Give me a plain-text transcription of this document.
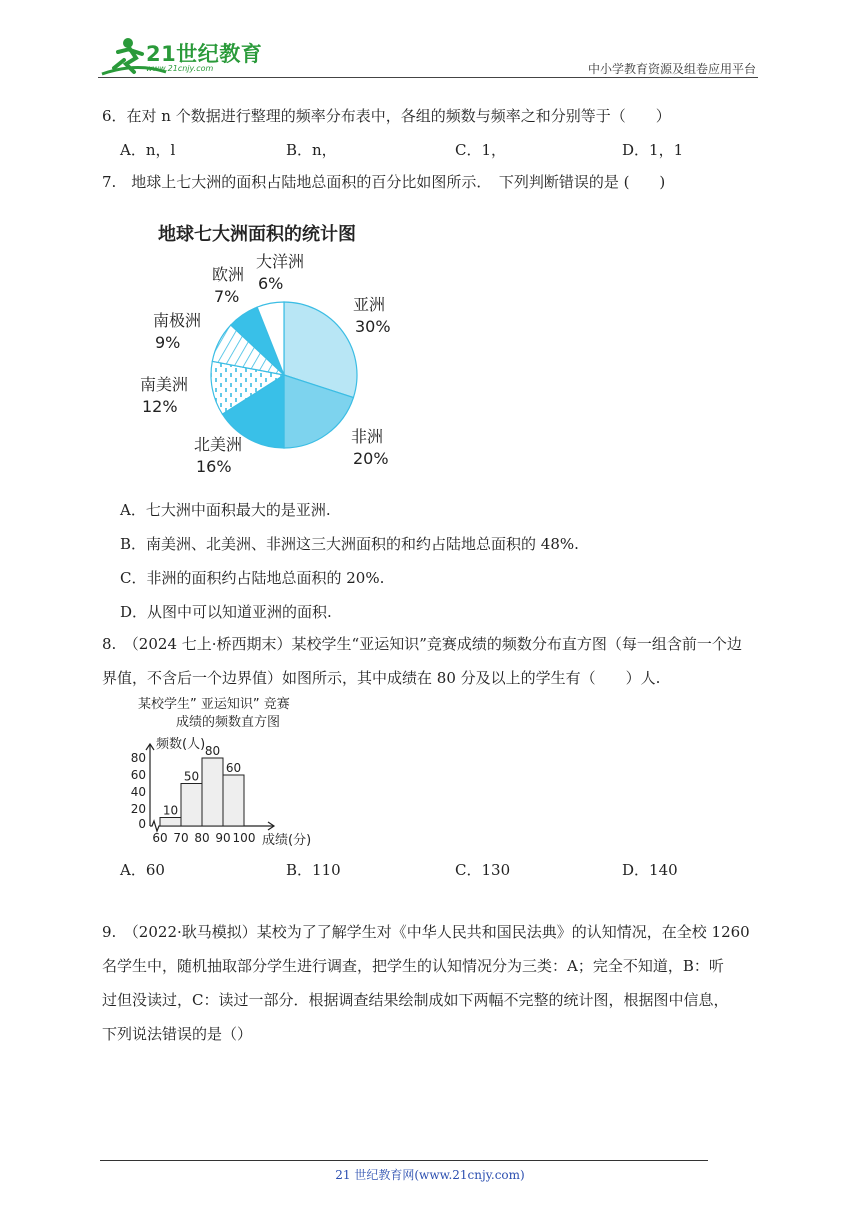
21世纪教育
www.21cnjy.com	中小学教育资源及组卷应用平台
6．在对 n 个数据进行整理的频率分布表中，各组的频数与频率之和分别等于（　　）
A．n，l	B．n，	C．1，	D．1，1
7.　地球上七大洲的面积占陆地总面积的百分比如图所示．　下列判断错误的是 (　　)
地球七大洲面积的统计图
亚洲
30%
非洲
20%
北美洲
16%
南美洲
12%
南极洲
9%
欧洲
7%
大洋洲
6%
A．七大洲中面积最大的是亚洲.
B．南美洲、北美洲、非洲这三大洲面积的和约占陆地总面积的 48%.
C．非洲的面积约占陆地总面积的 20%.
D．从图中可以知道亚洲的面积.
8.　（2024 七上·桥西期末）某校学生“亚运知识”竞赛成绩的频数分布直方图（每一组含前一个边
界值，不含后一个边界值）如图所示，其中成绩在 80 分及以上的学生有（　　）人.
某校学生” 亚运知识” 竞赛
成绩的频数直方图
频数(人)
成绩(分)
0
20
40
60
80
60 70 80 90 100
10
50
80
60
A．60	B．110	C．130	D．140
9.　（2022·耿马模拟）某校为了了解学生对《中华人民共和国民法典》的认知情况，在全校 1260
名学生中，随机抽取部分学生进行调查，把学生的认知情况分为三类：A；完全不知道，B：听
过但没读过，C：读过一部分．根据调查结果绘制成如下两幅不完整的统计图，根据图中信息，
下列说法错误的是（）
21 世纪教育网(www.21cnjy.com)
